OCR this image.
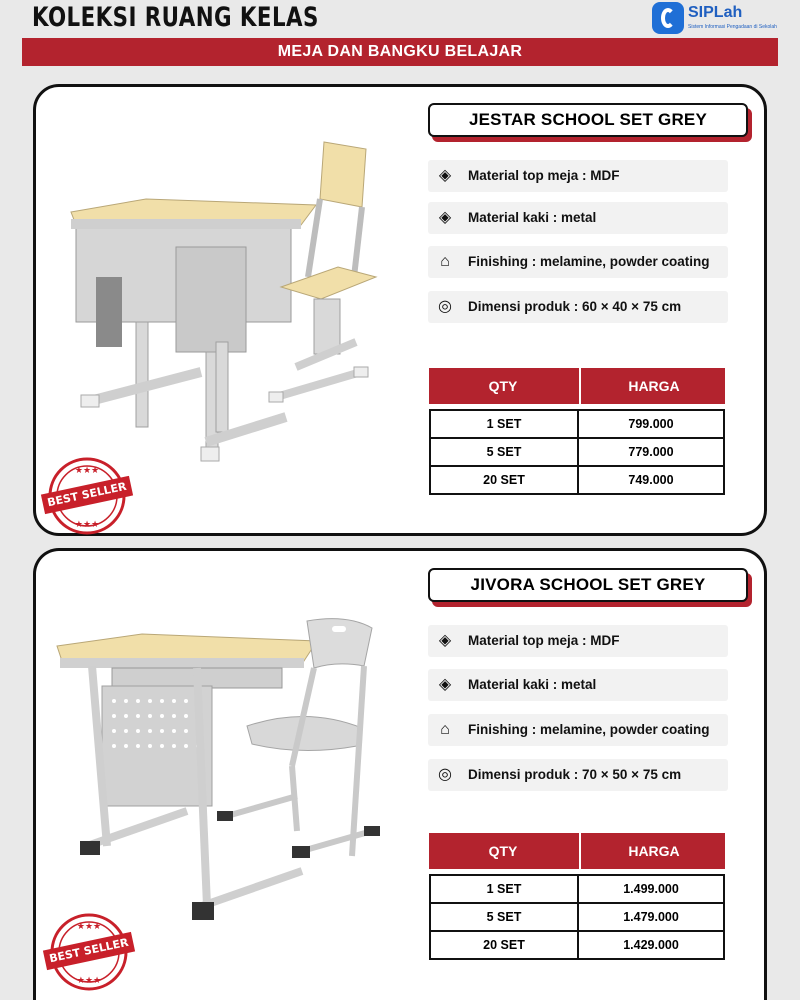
KOLEKSI RUANG KELAS	SIPLah
Sistem Informasi Pengadaan di Sekolah
MEJA DAN BANGKU BELAJAR
★★★
★★★
BEST SELLER
JESTAR SCHOOL SET GREY
◈	Material top meja : MDF
◈	Material kaki : metal
⌂	Finishing : melamine, powder coating
◎ Dimensi produk : 60 × 40 × 75 cm
QTY	HARGA
1 SET	799.000
5 SET	779.000
20 SET	749.000
★★★
★★★
BEST SELLER
JIVORA SCHOOL SET GREY
◈	Material top meja : MDF
◈	Material kaki : metal
⌂	Finishing : melamine, powder coating
◎ Dimensi produk : 70 × 50 × 75 cm
QTY	HARGA
1 SET	1.499.000
5 SET	1.479.000
20 SET	1.429.000
